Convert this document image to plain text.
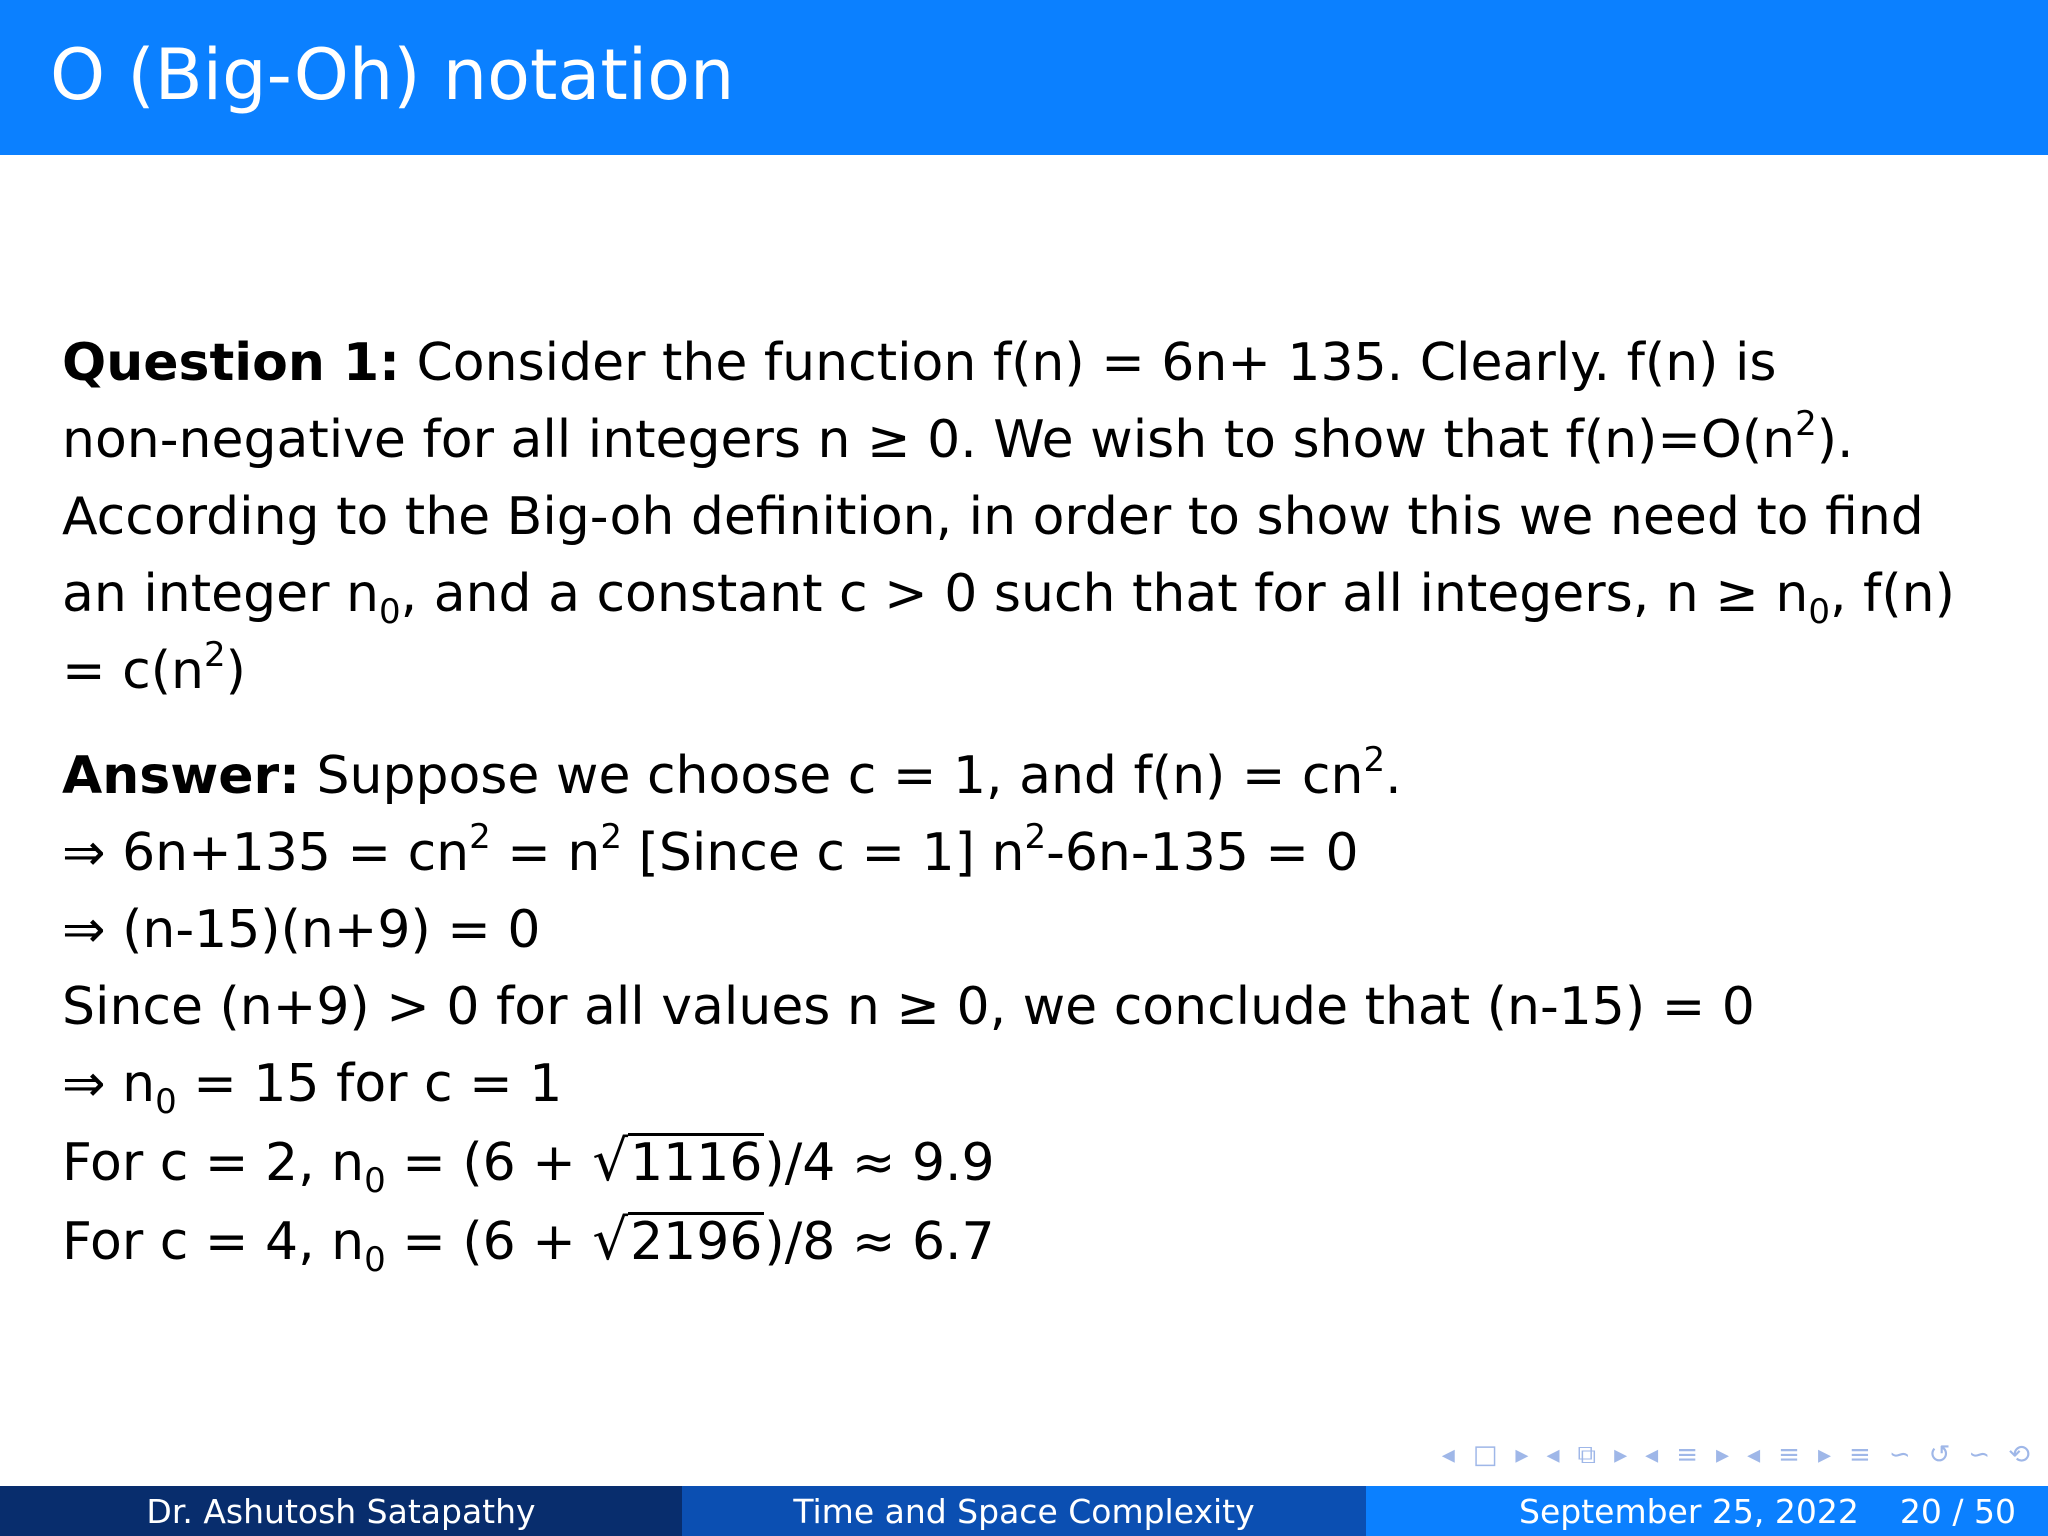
O (Big-Oh) notation
Question 1: Consider the function f(n) = 6n+ 135. Clearly. f(n) is
non-negative for all integers n ≥ 0. We wish to show that $f(n)=O(n^2)$.
According to the Big-oh definition, in order to show this we need to find
an integer $n_0$, and a constant c > 0 such that for all integers, $n \ge n_0$, f(n)
= $c(n^2)$
Answer: Suppose we choose c = 1, and $f(n) = cn^2$.
⇒ $6n+135 = cn^2 = n^2$ [Since c = 1] $n^2-6n-135 = 0$
⇒ (n-15)(n+9) = 0
Since (n+9) > 0 for all values n ≥ 0, we conclude that (n-15) = 0
⇒ $n_0 = 15$ for c = 1
For c = 2, $n_0 = (6 + √1116)/4 \approx 9.9$
For c = 4, $n_0 = (6 + √2196)/8 \approx 6.7$
◂ □ ▸ ◂ ⧉ ▸ ◂ ≡ ▸ ◂ ≡ ▸ ≡ ∽ ↺ ∽ ⟲
Dr. Ashutosh Satapathy	Time and Space Complexity	September 25, 2022 20 / 50
